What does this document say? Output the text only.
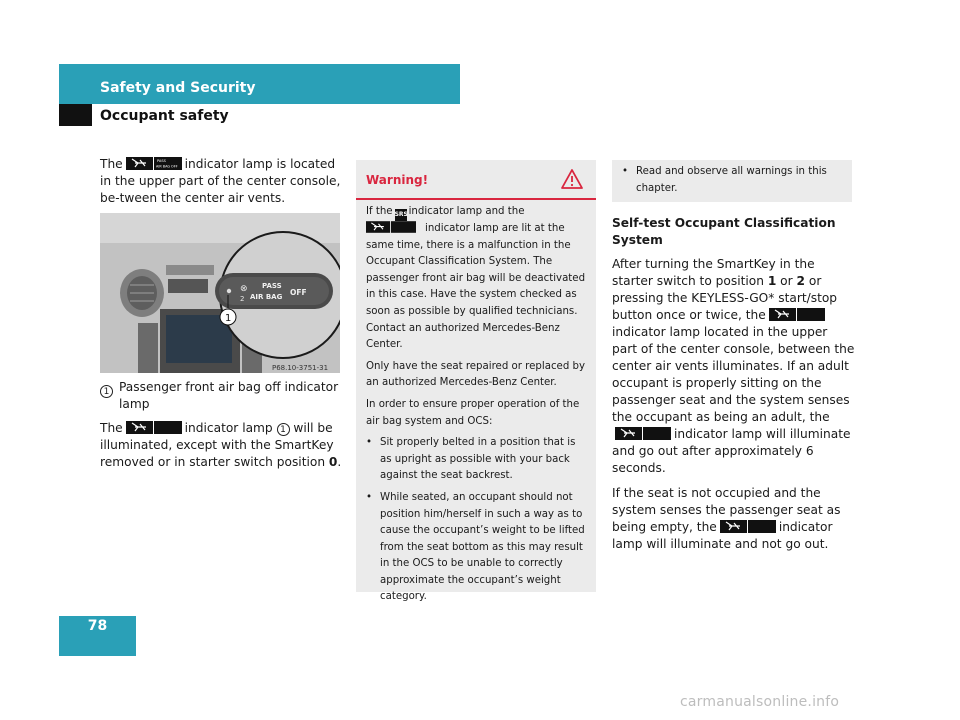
Safety and Security
Occupant safety

The	PASS
AIR BAG OFF indicator lamp is located in the upper part of the center console, be-tween the center air vents.

⊗
2
PASS
AIR BAG OFF
1
P68.10-3751-31
1 Passenger front air bag off indicator lamp

The	indicator lamp 1 will be illuminated, except with the SmartKey removed or in starter switch position 0.

Warning!

If the SRSindicator lamp and the
indicator lamp are lit at the same time, there is a malfunction in the Occupant Classification System. The passenger front air bag will be deactivated in this case. Have the system checked as soon as possible by qualified technicians. Contact an authorized Mercedes-Benz Center.

Only have the seat repaired or replaced by an authorized Mercedes-Benz Center.

In order to ensure proper operation of the air bag system and OCS:

• Sit properly belted in a position that is as upright as possible with your back against the seat backrest.
• While seated, an occupant should not position him/herself in such a way as to cause the occupant’s weight to be lifted from the seat bottom as this may result in the OCS to be unable to correctly approximate the occupant’s weight category.
• Read and observe all warnings in this chapter.

Self-test Occupant Classification System

After turning the SmartKey in the starter switch to position 1 or 2 or pressing the KEYLESS-GO* start/stop button once or twice, theindicator lamp located in the upper part of the center console, between the center air vents illuminates. If an adult occupant is properly sitting on the passenger seat and the system senses the occupant as being an adult, theindicator lamp will illuminate and go out after approximately 6 seconds.

If the seat is not occupied and the system senses the passenger seat as being empty, the	indicator lamp will illuminate and not go out.

78
carmanualsonline.info
